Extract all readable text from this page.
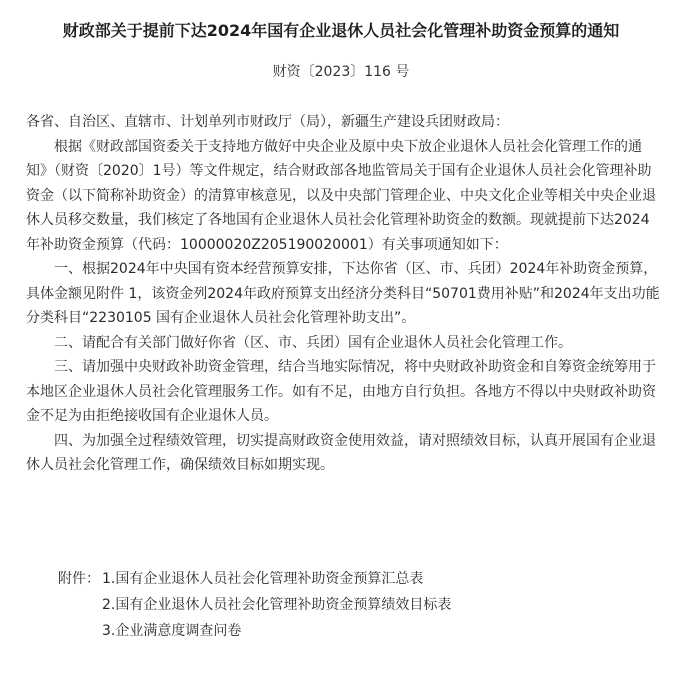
财政部关于提前下达2024年国有企业退休人员社会化管理补助资金预算的通知
财资〔2023〕116 号

各省、自治区、直辖市、计划单列市财政厅（局），新疆生产建设兵团财政局：

根据《财政部国资委关于支持地方做好中央企业及原中央下放企业退休人员社会化管理工作的通知》（财资〔2020〕1号）等文件规定，结合财政部各地监管局关于国有企业退休人员社会化管理补助资金（以下简称补助资金）的清算审核意见，以及中央部门管理企业、中央文化企业等相关中央企业退休人员移交数量，我们核定了各地国有企业退休人员社会化管理补助资金的数额。现就提前下达2024年补助资金预算（代码：10000020Z205190020001）有关事项通知如下：

一、根据2024年中央国有资本经营预算安排，下达你省（区、市、兵团）2024年补助资金预算，具体金额见附件 1，该资金列2024年政府预算支出经济分类科目“50701费用补贴”和2024年支出功能分类科目“2230105 国有企业退休人员社会化管理补助支出”。

二、请配合有关部门做好你省（区、市、兵团）国有企业退休人员社会化管理工作。

三、请加强中央财政补助资金管理，结合当地实际情况，将中央财政补助资金和自筹资金统筹用于本地区企业退休人员社会化管理服务工作。如有不足，由地方自行负担。各地方不得以中央财政补助资金不足为由拒绝接收国有企业退休人员。

四、为加强全过程绩效管理，切实提高财政资金使用效益，请对照绩效目标，认真开展国有企业退休人员社会化管理工作，确保绩效目标如期实现。

附件： 1.国有企业退休人员社会化管理补助资金预算汇总表
2.国有企业退休人员社会化管理补助资金预算绩效目标表
3.企业满意度调查问卷
